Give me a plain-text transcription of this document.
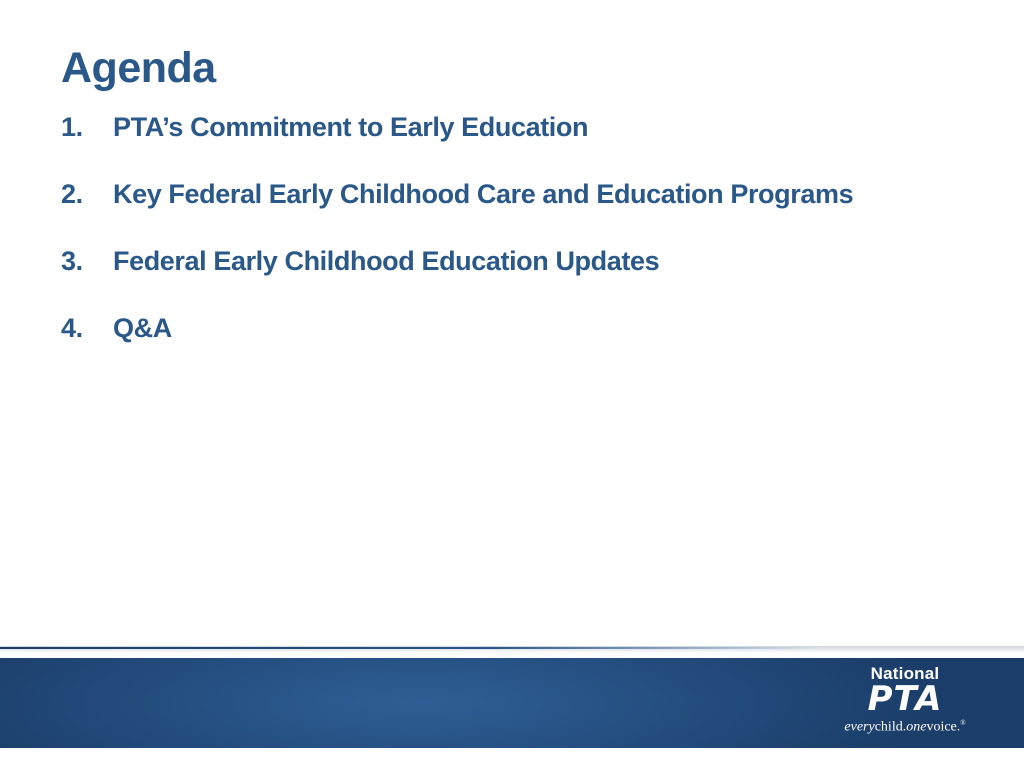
Agenda
1.	PTA’s Commitment to Early Education
2.	Key Federal Early Childhood Care and Education Programs
3.	Federal Early Childhood Education Updates
4.	Q&A
National
PTA
everychild.onevoice.®
